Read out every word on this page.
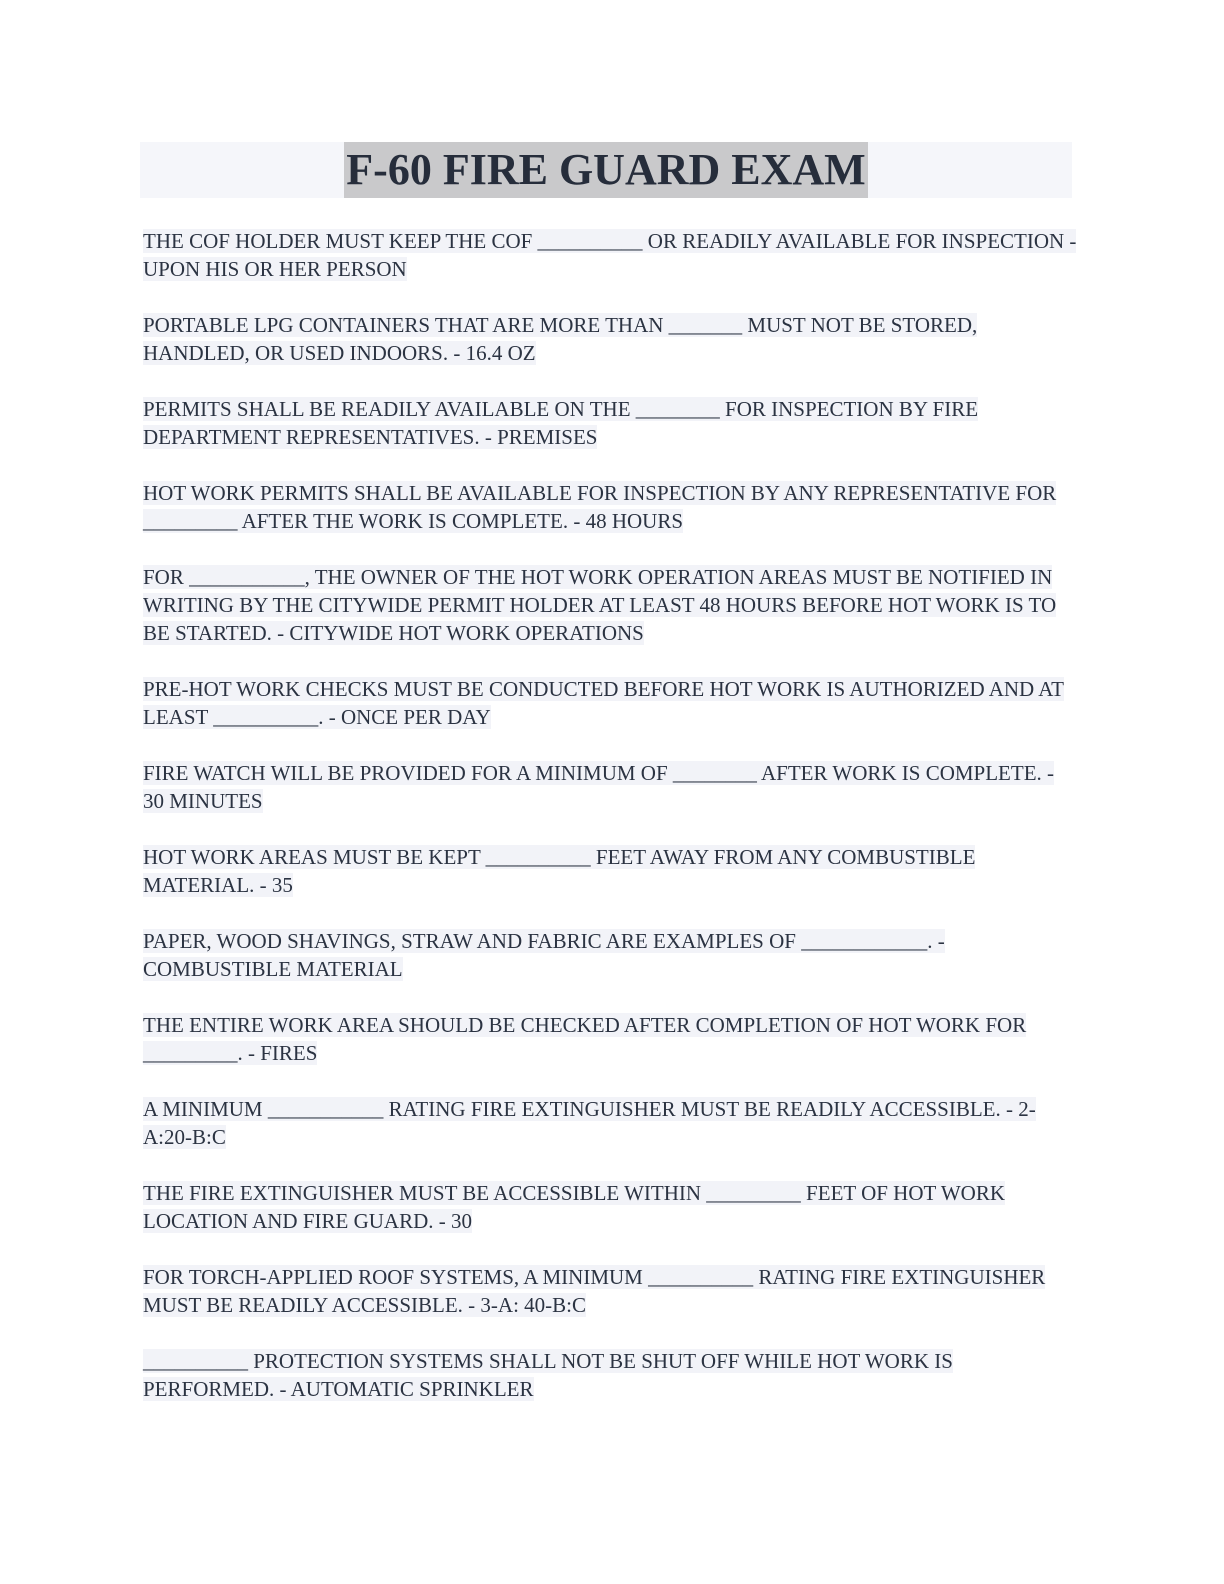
F-60 FIRE GUARD EXAM

THE COF HOLDER MUST KEEP THE COF __________ OR READILY AVAILABLE FOR INSPECTION - UPON HIS OR HER PERSON

PORTABLE LPG CONTAINERS THAT ARE MORE THAN _______ MUST NOT BE STORED, HANDLED, OR USED INDOORS. - 16.4 OZ

PERMITS SHALL BE READILY AVAILABLE ON THE ________ FOR INSPECTION BY FIRE DEPARTMENT REPRESENTATIVES. - PREMISES

HOT WORK PERMITS SHALL BE AVAILABLE FOR INSPECTION BY ANY REPRESENTATIVE FOR _________ AFTER THE WORK IS COMPLETE. - 48 HOURS

FOR ___________, THE OWNER OF THE HOT WORK OPERATION AREAS MUST BE NOTIFIED IN WRITING BY THE CITYWIDE PERMIT HOLDER AT LEAST 48 HOURS BEFORE HOT WORK IS TO BE STARTED. - CITYWIDE HOT WORK OPERATIONS

PRE-HOT WORK CHECKS MUST BE CONDUCTED BEFORE HOT WORK IS AUTHORIZED AND AT LEAST __________. - ONCE PER DAY

FIRE WATCH WILL BE PROVIDED FOR A MINIMUM OF ________ AFTER WORK IS COMPLETE. - 30 MINUTES

HOT WORK AREAS MUST BE KEPT __________ FEET AWAY FROM ANY COMBUSTIBLE MATERIAL. - 35

PAPER, WOOD SHAVINGS, STRAW AND FABRIC ARE EXAMPLES OF ____________. - COMBUSTIBLE MATERIAL

THE ENTIRE WORK AREA SHOULD BE CHECKED AFTER COMPLETION OF HOT WORK FOR _________. - FIRES

A MINIMUM ___________ RATING FIRE EXTINGUISHER MUST BE READILY ACCESSIBLE. - 2-A:20-B:C

THE FIRE EXTINGUISHER MUST BE ACCESSIBLE WITHIN _________ FEET OF HOT WORK LOCATION AND FIRE GUARD. - 30

FOR TORCH-APPLIED ROOF SYSTEMS, A MINIMUM __________ RATING FIRE EXTINGUISHER MUST BE READILY ACCESSIBLE. - 3-A: 40-B:C

__________ PROTECTION SYSTEMS SHALL NOT BE SHUT OFF WHILE HOT WORK IS PERFORMED. - AUTOMATIC SPRINKLER
